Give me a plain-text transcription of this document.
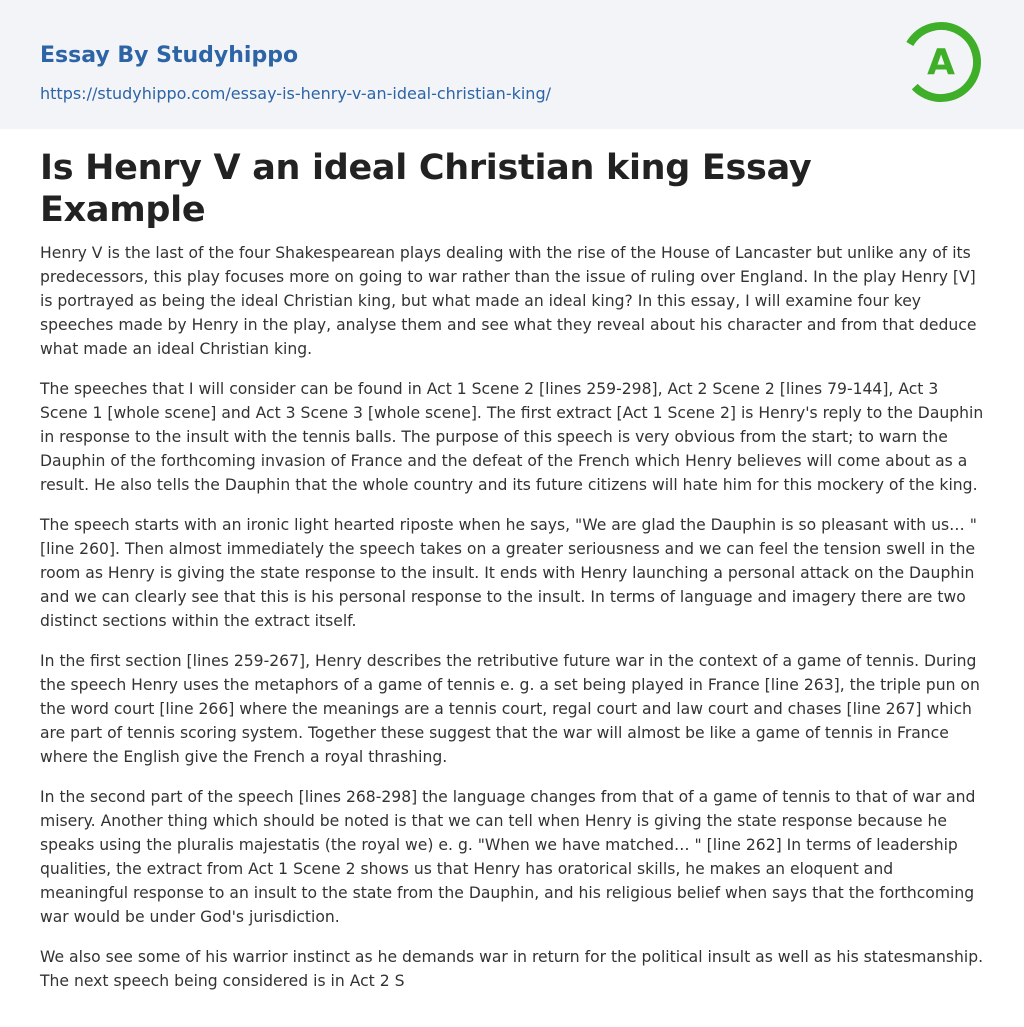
Essay By Studyhippo
https://studyhippo.com/essay-is-henry-v-an-ideal-christian-king/
A
Is Henry V an ideal Christian king Essay Example

Henry V is the last of the four Shakespearean plays dealing with the rise of the House of Lancaster but unlike any of its predecessors, this play focuses more on going to war rather than the issue of ruling over England. In the play Henry [V] is portrayed as being the ideal Christian king, but what made an ideal king? In this essay, I will examine four key speeches made by Henry in the play, analyse them and see what they reveal about his character and from that deduce what made an ideal Christian king.

The speeches that I will consider can be found in Act 1 Scene 2 [lines 259-298], Act 2 Scene 2 [lines 79-144], Act 3 Scene 1 [whole scene] and Act 3 Scene 3 [whole scene]. The first extract [Act 1 Scene 2] is Henry's reply to the Dauphin in response to the insult with the tennis balls. The purpose of this speech is very obvious from the start; to warn the Dauphin of the forthcoming invasion of France and the defeat of the French which Henry believes will come about as a result. He also tells the Dauphin that the whole country and its future citizens will hate him for this mockery of the king.

The speech starts with an ironic light hearted riposte when he says, "We are glad the Dauphin is so pleasant with us… " [line 260]. Then almost immediately the speech takes on a greater seriousness and we can feel the tension swell in the room as Henry is giving the state response to the insult. It ends with Henry launching a personal attack on the Dauphin and we can clearly see that this is his personal response to the insult. In terms of language and imagery there are two distinct sections within the extract itself.

In the first section [lines 259-267], Henry describes the retributive future war in the context of a game of tennis. During the speech Henry uses the metaphors of a game of tennis e. g. a set being played in France [line 263], the triple pun on the word court [line 266] where the meanings are a tennis court, regal court and law court and chases [line 267] which are part of tennis scoring system. Together these suggest that the war will almost be like a game of tennis in France where the English give the French a royal thrashing.

In the second part of the speech [lines 268-298] the language changes from that of a game of tennis to that of war and misery. Another thing which should be noted is that we can tell when Henry is giving the state response because he speaks using the pluralis majestatis (the royal we) e. g. "When we have matched… " [line 262] In terms of leadership qualities, the extract from Act 1 Scene 2 shows us that Henry has oratorical skills, he makes an eloquent and meaningful response to an insult to the state from the Dauphin, and his religious belief when says that the forthcoming war would be under God's jurisdiction.

We also see some of his warrior instinct as he demands war in return for the political insult as well as his statesmanship. The next speech being considered is in Act 2 S
